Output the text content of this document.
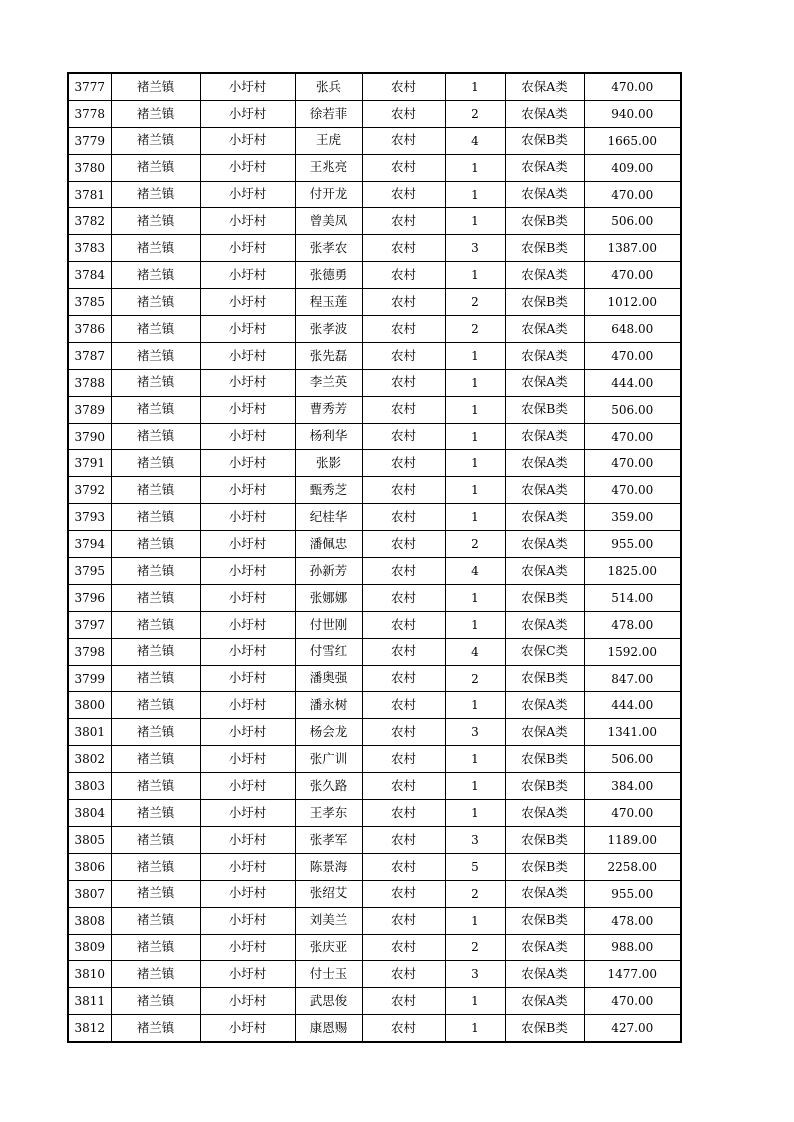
3777	褚兰镇	小圩村	张兵	农村	1	农保A类	470.00
3778	褚兰镇	小圩村	徐若菲	农村	2	农保A类	940.00
3779	褚兰镇	小圩村	王虎	农村	4	农保B类	1665.00
3780	褚兰镇	小圩村	王兆亮	农村	1	农保A类	409.00
3781	褚兰镇	小圩村	付开龙	农村	1	农保A类	470.00
3782	褚兰镇	小圩村	曾美凤	农村	1	农保B类	506.00
3783	褚兰镇	小圩村	张孝农	农村	3	农保B类	1387.00
3784	褚兰镇	小圩村	张德勇	农村	1	农保A类	470.00
3785	褚兰镇	小圩村	程玉莲	农村	2	农保B类	1012.00
3786	褚兰镇	小圩村	张孝波	农村	2	农保A类	648.00
3787	褚兰镇	小圩村	张先磊	农村	1	农保A类	470.00
3788	褚兰镇	小圩村	李兰英	农村	1	农保A类	444.00
3789	褚兰镇	小圩村	曹秀芳	农村	1	农保B类	506.00
3790	褚兰镇	小圩村	杨利华	农村	1	农保A类	470.00
3791	褚兰镇	小圩村	张影	农村	1	农保A类	470.00
3792	褚兰镇	小圩村	甄秀芝	农村	1	农保A类	470.00
3793	褚兰镇	小圩村	纪桂华	农村	1	农保A类	359.00
3794	褚兰镇	小圩村	潘佩忠	农村	2	农保A类	955.00
3795	褚兰镇	小圩村	孙新芳	农村	4	农保A类	1825.00
3796	褚兰镇	小圩村	张娜娜	农村	1	农保B类	514.00
3797	褚兰镇	小圩村	付世刚	农村	1	农保A类	478.00
3798	褚兰镇	小圩村	付雪红	农村	4	农保C类	1592.00
3799	褚兰镇	小圩村	潘奥强	农村	2	农保B类	847.00
3800	褚兰镇	小圩村	潘永树	农村	1	农保A类	444.00
3801	褚兰镇	小圩村	杨会龙	农村	3	农保A类	1341.00
3802	褚兰镇	小圩村	张广训	农村	1	农保B类	506.00
3803	褚兰镇	小圩村	张久路	农村	1	农保B类	384.00
3804	褚兰镇	小圩村	王孝东	农村	1	农保A类	470.00
3805	褚兰镇	小圩村	张孝军	农村	3	农保B类	1189.00
3806	褚兰镇	小圩村	陈景海	农村	5	农保B类	2258.00
3807	褚兰镇	小圩村	张绍艾	农村	2	农保A类	955.00
3808	褚兰镇	小圩村	刘美兰	农村	1	农保B类	478.00
3809	褚兰镇	小圩村	张庆亚	农村	2	农保A类	988.00
3810	褚兰镇	小圩村	付士玉	农村	3	农保A类	1477.00
3811	褚兰镇	小圩村	武思俊	农村	1	农保A类	470.00
3812	褚兰镇	小圩村	康恩赐	农村	1	农保B类	427.00
